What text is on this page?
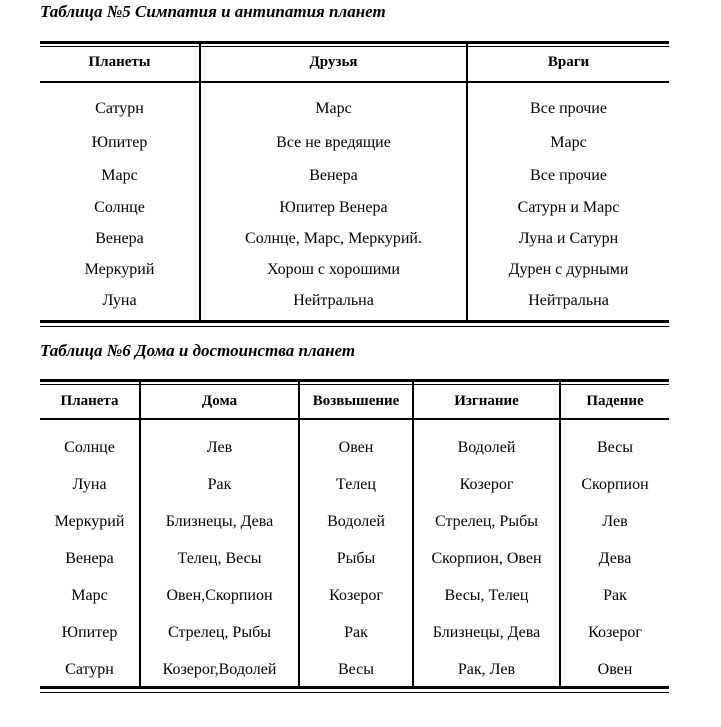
Таблица №5 Симпатия и антипатия планет
Планеты	Друзья	Враги
Сатурн	Марс	Все прочие
Юпитер	Все не вредящие	Марс
Марс	Венера	Все прочие
Солнце	Юпитер Венера	Сатурн и Марс
Венера	Солнце, Марс, Меркурий.	Луна и Сатурн
Меркурий	Хорош с хорошими	Дурен с дурными
Луна	Нейтральна	Нейтральна
Таблица №6 Дома и достоинства планет
Планета	Дома	Возвышение	Изгнание	Падение
Солнце	Лев	Овен	Водолей	Весы
Луна	Рак	Телец	Козерог	Скорпион
Меркурий	Близнецы, Дева	Водолей	Стрелец, Рыбы	Лев
Венера	Телец, Весы	Рыбы	Скорпион, Овен	Дева
Марс	Овен,Скорпион	Козерог	Весы, Телец	Рак
Юпитер	Стрелец, Рыбы	Рак	Близнецы, Дева	Козерог
Сатурн	Козерог,Водолей	Весы	Рак, Лев	Овен
